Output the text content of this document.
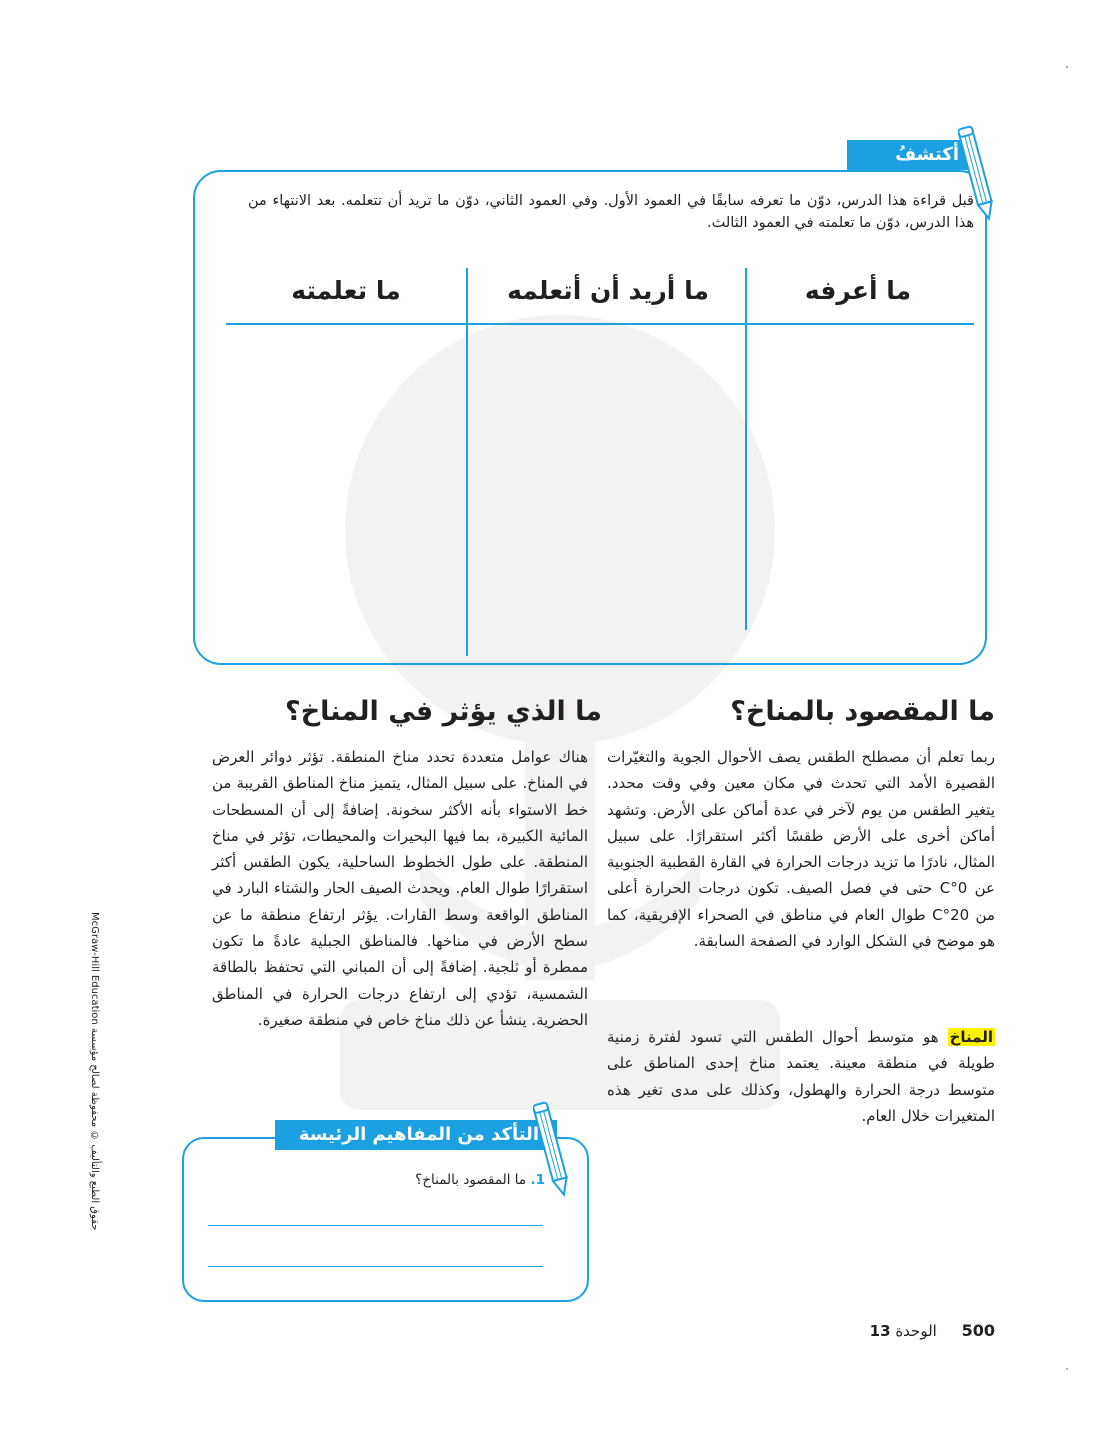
أكتشفُ
قبل قراءة هذا الدرس، دوّن ما تعرفه سابقًا في العمود الأول. وفي العمود الثاني، دوّن ما تريد أن تتعلمه. بعد الانتهاء من هذا الدرس، دوّن ما تعلمته في العمود الثالث.
ما أعرفه
ما أريد أن أتعلمه
ما تعلمته
ما المقصود بالمناخ؟
ربما تعلم أن مصطلح الطقس يصف الأحوال الجوية والتغيّرات القصيرة الأمد التي تحدث في مكان معين وفي وقت محدد. يتغير الطقس من يوم لآخر في عدة أماكن على الأرض. وتشهد أماكن أخرى على الأرض طقسًا أكثر استقرارًا. على سبيل المثال، نادرًا ما تزيد درجات الحرارة في القارة القطبية الجنوبية عن 0°C حتى في فصل الصيف. تكون درجات الحرارة أعلى من 20°C طوال العام في مناطق في الصحراء الإفريقية، كما هو موضح في الشكل الوارد في الصفحة السابقة.
المناخ هو متوسط أحوال الطقس التي تسود لفترة زمنية طويلة في منطقة معينة. يعتمد مناخ إحدى المناطق على متوسط درجة الحرارة والهطول، وكذلك على مدى تغير هذه المتغيرات خلال العام.
ما الذي يؤثر في المناخ؟
هناك عوامل متعددة تحدد مناخ المنطقة. تؤثر دوائر العرض في المناخ. على سبيل المثال، يتميز مناخ المناطق القريبة من خط الاستواء بأنه الأكثر سخونة. إضافةً إلى أن المسطحات المائية الكبيرة، بما فيها البحيرات والمحيطات، تؤثر في مناخ المنطقة. على طول الخطوط الساحلية، يكون الطقس أكثر استقرارًا طوال العام. ويحدث الصيف الحار والشتاء البارد في المناطق الواقعة وسط القارات. يؤثر ارتفاع منطقة ما عن سطح الأرض في مناخها. فالمناطق الجبلية عادةً ما تكون ممطرة أو ثلجية. إضافةً إلى أن المباني التي تحتفظ بالطاقة الشمسية، تؤدي إلى ارتفاع درجات الحرارة في المناطق الحضرية. ينشأ عن ذلك مناخ خاص في منطقة صغيرة.
التأكد من المفاهيم الرئيسة
1. ما المقصود بالمناخ؟
حقوق الطبع والتأليف © محفوظة لصالح مؤسسة McGraw-Hill Education
500 الوحدة 13
